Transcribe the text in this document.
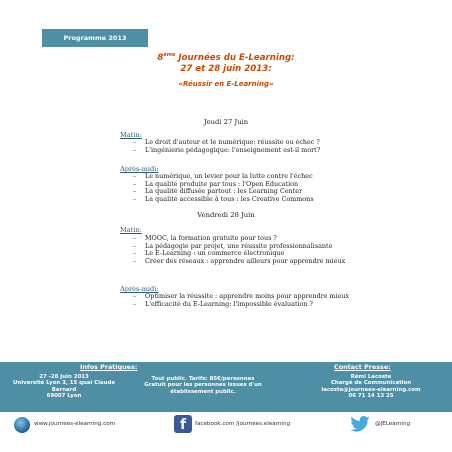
Programme 2013
8ème Journées du E-Learning:
27 et 28 juin 2013:
«Réussir en E-Learning»
Jeudi 27 Juin
Matin:
– Le droit d'auteur et le numérique: réussite ou échec ?
– L'ingénierie pédagogique: l'enseignement est-il mort?
Après-midi:
– Le numérique, un levier pour la lutte contre l'échec
– La qualité produite par tous : l'Open Education
– La qualité diffusée partout : les Learning Center
– La qualité accessible à tous : les Creative Commons
Vendredi 28 Juin
Matin:
– MOOC, la formation gratuite pour tous ?
– La pédagogie par projet, une réussite professionnalisante
– Le E-Learning : un commerce électronique
– Créer des réseaux : apprendre ailleurs pour apprendre mieux
Après-midi:
– Optimiser la réussite : apprendre moins pour apprendre mieux
– L'efficacité du E-Learning: l'impossible évaluation ?
Infos Pratiques:
27 -28 Juin 2013
Université Lyon 3, 15 quai Claude
Bernard
69007 Lyon
Tout public. Tarifs: 85€/personnes
Gratuit pour les personnes issues d'un
établissement public.
Contact Presse:
Rémi Lacoste
Chargé de Communication
lacoste@journees-elearning.com
06 71 14 13 25
www.journees-elearning.com	f	facebook.com /journees.elearning	@JELearning
